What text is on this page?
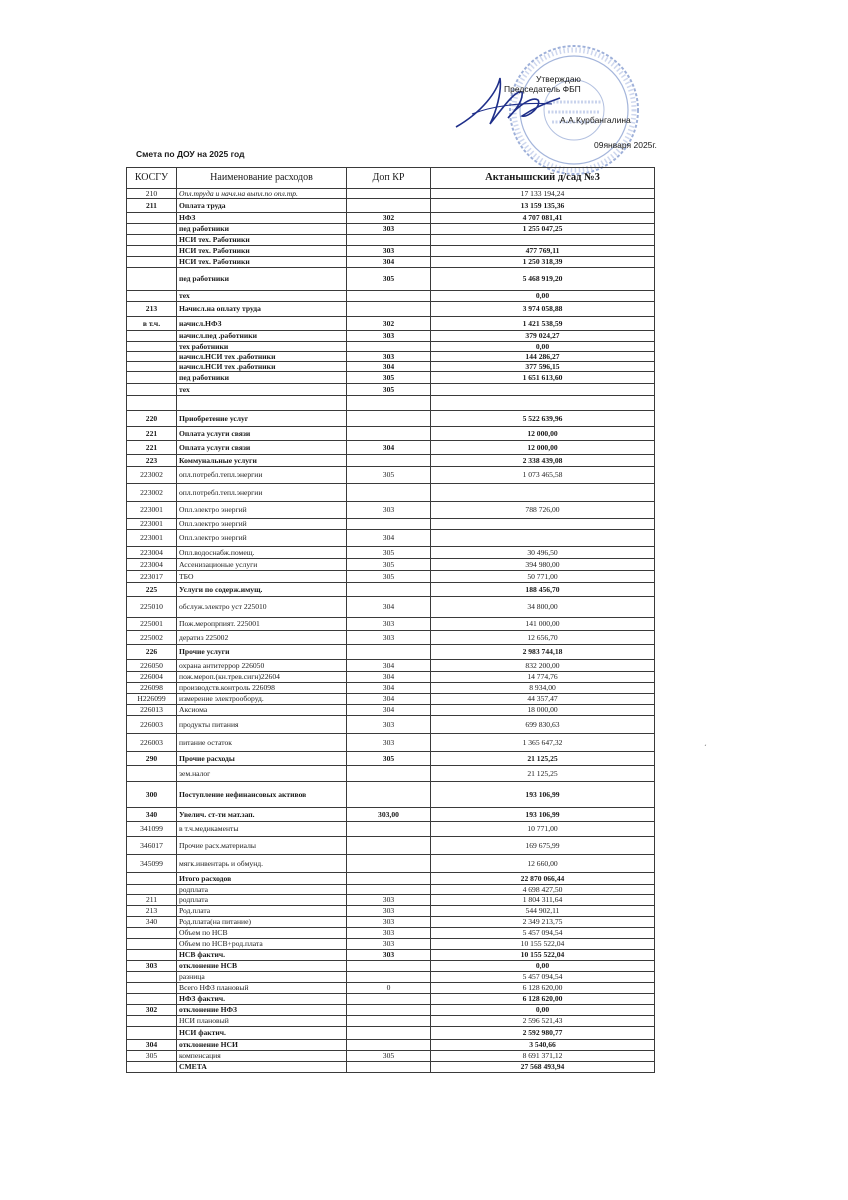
Утверждаю
Председатель ФБП
А.А.Курбангалина
09января 2025г.
Смета по ДОУ на 2025 год
КОСГУ	Наименование расходов	Доп КР	Актанышский д/сад №3
210	Опл.труда и начл.на выпл.по опл.тр.		17 133 194,24
211	Оплата труда		13 159 135,36
	НФЗ	302	4 707 081,41
	пед работники	303	1 255 047,25
	НСИ тех. Работники		
	НСИ тех. Работники	303	477 769,11
	НСИ тех. Работники	304	1 250 318,39
	пед работники	305	5 468 919,20
	тех		0,00
213	Начисл.на оплату труда		3 974 058,88
в т.ч.	начисл.НФЗ	302	1 421 538,59
	начисл.пед .работники	303	379 024,27
	тех работники		0,00
	начисл.НСИ тех .работники	303	144 286,27
	начисл.НСИ тех .работники	304	377 596,15
	пед работники	305	1 651 613,60
	тех	305	

220	Приобретение услуг		5 522 639,96
221	Оплата услуги связи		12 000,00
221	Оплата услуги связи	304	12 000,00
223	Коммунальные услуги		2 338 439,08
223002	опл.потребл.тепл.энергии	305	1 073 465,58
223002	опл.потребл.тепл.энергии		
223001	Опл.электро энергий	303	788 726,00
223001	Опл.электро энергий		
223001	Опл.электро энергий	304	
223004	Опл.водоснабж.помещ.	305	30 496,50
223004	Ассенизационые услуги	305	394 980,00
223017	ТБО	305	50 771,00
225	Услуги по содерж.имущ.		188 456,70
225010	обслуж.электро уст 225010	304	34 800,00
225001	Пож.меропрпият. 225001	303	141 000,00
225002	дератиз 225002	303	12 656,70
226	Прочие услуги		2 983 744,18
226050	охрана антитеррор 226050	304	832 200,00
226004	пож.мероп.(кн.трев.сигн)22604	304	14 774,76
226098	производств.контроль 226098	304	8 934,00
Н226099	измерение электрооборуд.	304	44 357,47
226013	Аксиома	304	18 000,00
226003	продукты питания	303	699 830,63
226003	питание остаток	303	1 365 647,32
290	Прочие расходы	305	21 125,25
	зем.налог		21 125,25
300	Поступление нефинансовых активов		193 106,99
340	Увелич. ст-ти мат.зап.	303,00	193 106,99
341099	в т.ч.медикаменты		10 771,00
346017	Прочие расх.материалы		169 675,99
345099	мягк.инвентарь и обмунд.		12 660,00
	Итого расходов		22 870 066,44
	родплата		4 698 427,50
211	родплата	303	1 804 311,64
213	Род.плата	303	544 902,11
340	Род.плата(на питание)	303	2 349 213,75
	Объем по НСВ	303	5 457 094,54
	Объем по НСВ+род.плата	303	10 155 522,04
	НСВ фактич.	303	10 155 522,04
303	отклонение НСВ		0,00
	разница		5 457 094,54
	Всего НФЗ плановый	0	6 128 620,00
	НФЗ фактич.		6 128 620,00
302	отклонение НФЗ		0,00
	НСИ плановый		2 596 521,43
	НСИ фактич.		2 592 980,77
304	отклонение НСИ		3 540,66
305	компенсация	305	8 691 371,12
	СМЕТА		27 568 493,94
ˊ
